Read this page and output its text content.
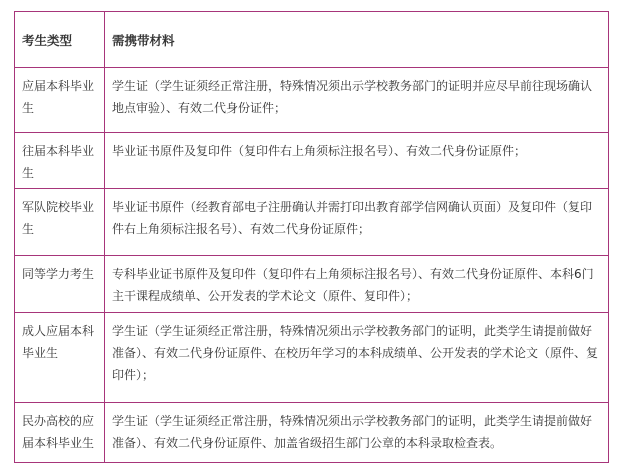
考生类型	需携带材料
应届本科毕业生	学生证（学生证须经正常注册，特殊情况须出示学校教务部门的证明并应尽早前往现场确认地点审验）、有效二代身份证件；
往届本科毕业生	毕业证书原件及复印件（复印件右上角须标注报名号）、有效二代身份证原件；
军队院校毕业生	毕业证书原件（经教育部电子注册确认并需打印出教育部学信网确认页面）及复印件（复印件右上角须标注报名号）、有效二代身份证原件；
同等学力考生	专科毕业证书原件及复印件（复印件右上角须标注报名号）、有效二代身份证原件、本科6门主干课程成绩单、公开发表的学术论文（原件、复印件）；
成人应届本科毕业生	学生证（学生证须经正常注册，特殊情况须出示学校教务部门的证明，此类学生请提前做好准备）、有效二代身份证原件、在校历年学习的本科成绩单、公开发表的学术论文（原件、复印件）；
民办高校的应届本科毕业生	学生证（学生证须经正常注册，特殊情况须出示学校教务部门的证明，此类学生请提前做好准备）、有效二代身份证原件、加盖省级招生部门公章的本科录取检查表。
